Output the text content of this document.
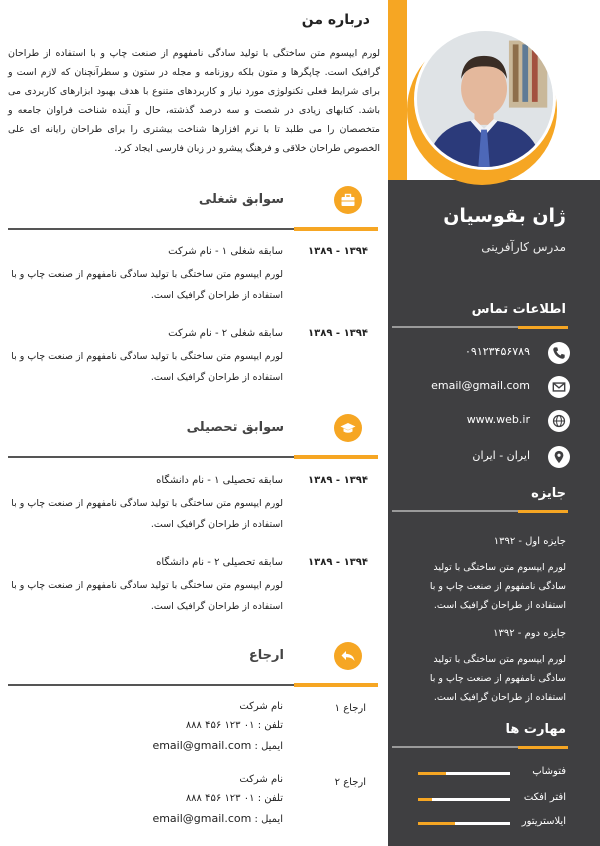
ژان بقوسیان
مدرس کارآفرینی
اطلاعات تماس
۰۹۱۲۳۴۵۶۷۸۹
email@gmail.com
www.web.ir
ایران - ایران
جایزه
جایزه اول - ۱۳۹۲
لورم ایپسوم متن ساختگی با تولید سادگی نامفهوم از صنعت چاپ و با استفاده از طراحان گرافیک است.
جایزه دوم - ۱۳۹۲
لورم ایپسوم متن ساختگی با تولید سادگی نامفهوم از صنعت چاپ و با استفاده از طراحان گرافیک است.
مهارت ها
فتوشاپ
افتر افکت
ایلاستریتور
درباره من
لورم ایپسوم متن ساختگی با تولید سادگی نامفهوم از صنعت چاپ و با استفاده از طراحان گرافیک است. چاپگرها و متون بلکه روزنامه و مجله در ستون و سطرآنچنان که لازم است و برای شرایط فعلی تکنولوژی مورد نیاز و کاربردهای متنوع با هدف بهبود ابزارهای کاربردی می باشد. کتابهای زیادی در شصت و سه درصد گذشته، حال و آینده شناخت فراوان جامعه و متخصصان را می طلبد تا با نرم افزارها شناخت بیشتری را برای طراحان رایانه ای علی الخصوص طراحان خلاقی و فرهنگ پیشرو در زبان فارسی ایجاد کرد.
سوابق شغلی
۱۳۹۴ - ۱۳۸۹
سابقه شغلی ۱ - نام شرکت
لورم ایپسوم متن ساختگی با تولید سادگی نامفهوم از صنعت چاپ و با استفاده از طراحان گرافیک است.
۱۳۹۴ - ۱۳۸۹
سابقه شغلی ۲ - نام شرکت
لورم ایپسوم متن ساختگی با تولید سادگی نامفهوم از صنعت چاپ و با استفاده از طراحان گرافیک است.
سوابق تحصیلی
۱۳۹۴ - ۱۳۸۹
سابقه تحصیلی ۱ - نام دانشگاه
لورم ایپسوم متن ساختگی با تولید سادگی نامفهوم از صنعت چاپ و با استفاده از طراحان گرافیک است.
۱۳۹۴ - ۱۳۸۹
سابقه تحصیلی ۲ - نام دانشگاه
لورم ایپسوم متن ساختگی با تولید سادگی نامفهوم از صنعت چاپ و با استفاده از طراحان گرافیک است.
ارجاع
ارجاع ۱
نام شرکت
تلفن : ۰۱ ۱۲۳ ۴۵۶ ۸۸۸
ایمیل : email@gmail.com
ارجاع ۲
نام شرکت
تلفن : ۰۱ ۱۲۳ ۴۵۶ ۸۸۸
ایمیل : email@gmail.com
